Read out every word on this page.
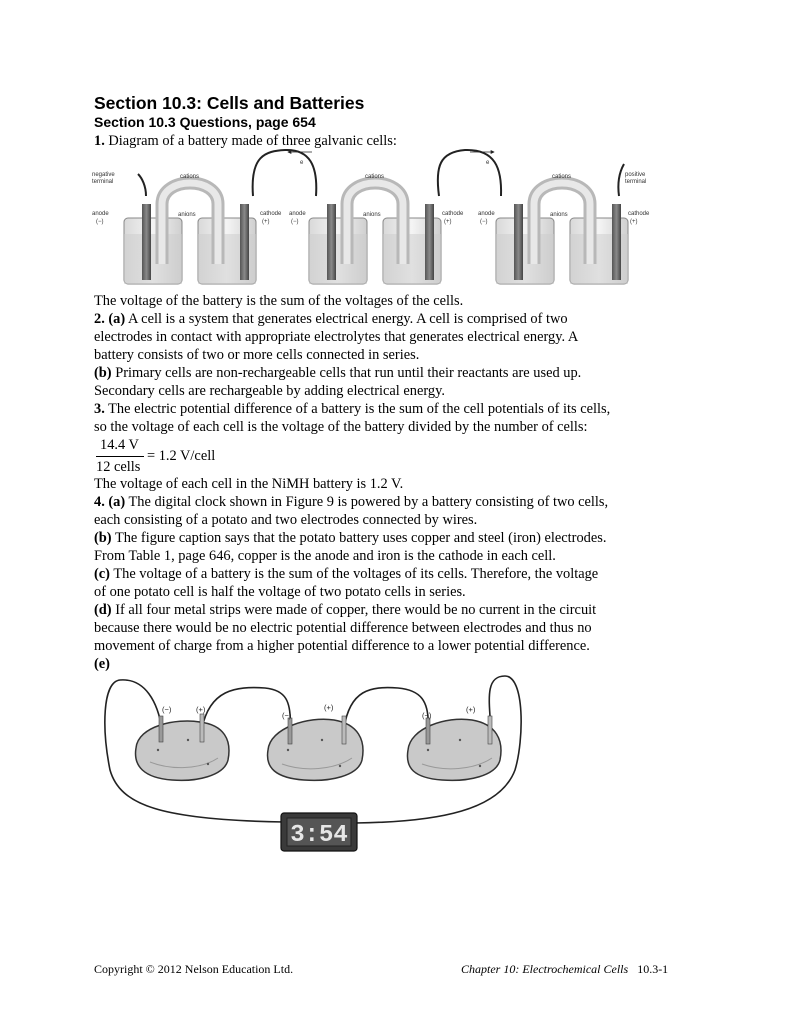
Section 10.3: Cells and Batteries
Section 10.3 Questions, page 654
1. Diagram of a battery made of three galvanic cells:
e	e
negative
terminal
positive
terminal
cations
anions
anode
(−)
cathode
(+)
cations
anions
anode
(−)
cathode
(+)
cations
anions
anode
(−)
cathode
(+)
The voltage of the battery is the sum of the voltages of the cells.
2. (a) A cell is a system that generates electrical energy. A cell is comprised of two
electrodes in contact with appropriate electrolytes that generates electrical energy. A
battery consists of two or more cells connected in series.
(b) Primary cells are non-rechargeable cells that run until their reactants are used up.
Secondary cells are rechargeable by adding electrical energy.
3. The electric potential difference of a battery is the sum of the cell potentials of its cells,
so the voltage of each cell is the voltage of the battery divided by the number of cells:
14.4 V
12 cells
= 1.2 V/cell
The voltage of each cell in the NiMH battery is 1.2 V.
4. (a) The digital clock shown in Figure 9 is powered by a battery consisting of two cells,
each consisting of a potato and two electrodes connected by wires.
(b) The figure caption says that the potato battery uses copper and steel (iron) electrodes.
From Table 1, page 646, copper is the anode and iron is the cathode in each cell.
(c) The voltage of a battery is the sum of the voltages of its cells. Therefore, the voltage
of one potato cell is half the voltage of two potato cells in series.
(d) If all four metal strips were made of copper, there would be no current in the circuit
because there would be no electric potential difference between electrodes and thus no
movement of charge from a higher potential difference to a lower potential difference.
(e)
(−)	(+)
(−)
(+)
(−)
(+)
3:54
Copyright © 2012 Nelson Education Ltd.	Chapter 10: Electrochemical Cells 10.3-1
